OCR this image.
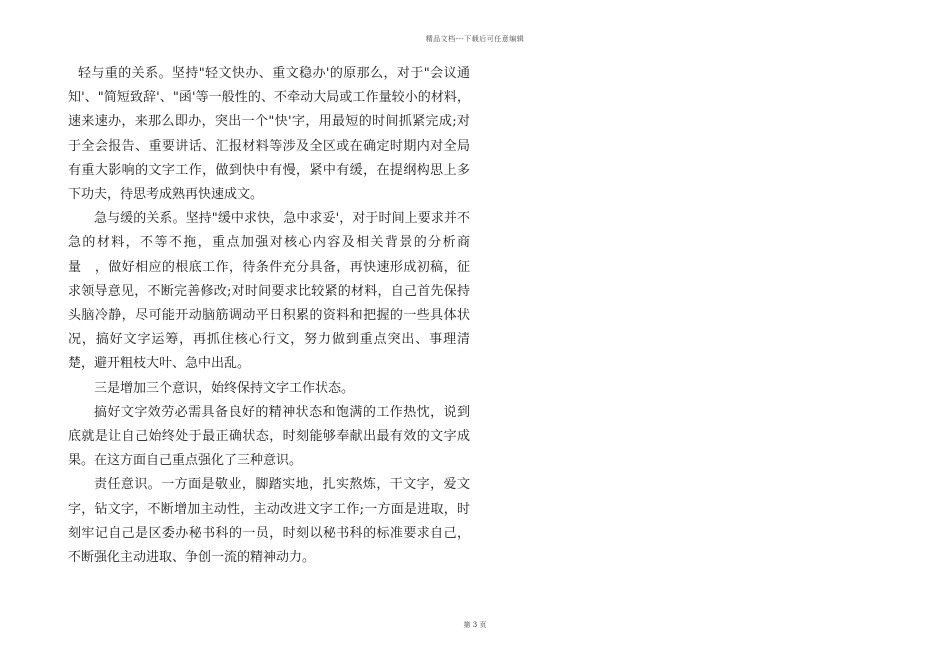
精品文档---下载后可任意编辑

轻与重的关系。坚持"轻文快办、重文稳办'的原那么，对于"会议通知'、"简短致辞'、"函'等一般性的、不牵动大局或工作量较小的材料，速来速办，来那么即办，突出一个"快'字，用最短的时间抓紧完成;对于全会报告、重要讲话、汇报材料等涉及全区或在确定时期内对全局有重大影响的文字工作，做到快中有慢，紧中有缓，在提纲构思上多下功夫，待思考成熟再快速成文。

急与缓的关系。坚持"缓中求快，急中求妥'，对于时间上要求并不急的材料，不等不拖，重点加强对核心内容及相关背景的分析商量　，做好相应的根底工作，待条件充分具备，再快速形成初稿，征求领导意见，不断完善修改;对时间要求比较紧的材料，自己首先保持头脑冷静，尽可能开动脑筋调动平日积累的资料和把握的一些具体状况，搞好文字运筹，再抓住核心行文，努力做到重点突出、事理清楚，避开粗枝大叶、急中出乱。

三是增加三个意识，始终保持文字工作状态。

搞好文字效劳必需具备良好的精神状态和饱满的工作热忱，说到底就是让自己始终处于最正确状态，时刻能够奉献出最有效的文字成果。在这方面自己重点强化了三种意识。

责任意识。一方面是敬业，脚踏实地，扎实熬炼，干文字，爱文字，钻文字，不断增加主动性，主动改进文字工作;一方面是进取，时刻牢记自己是区委办秘书科的一员，时刻以秘书科的标准要求自己，不断强化主动进取、争创一流的精神动力。

第 3 页
